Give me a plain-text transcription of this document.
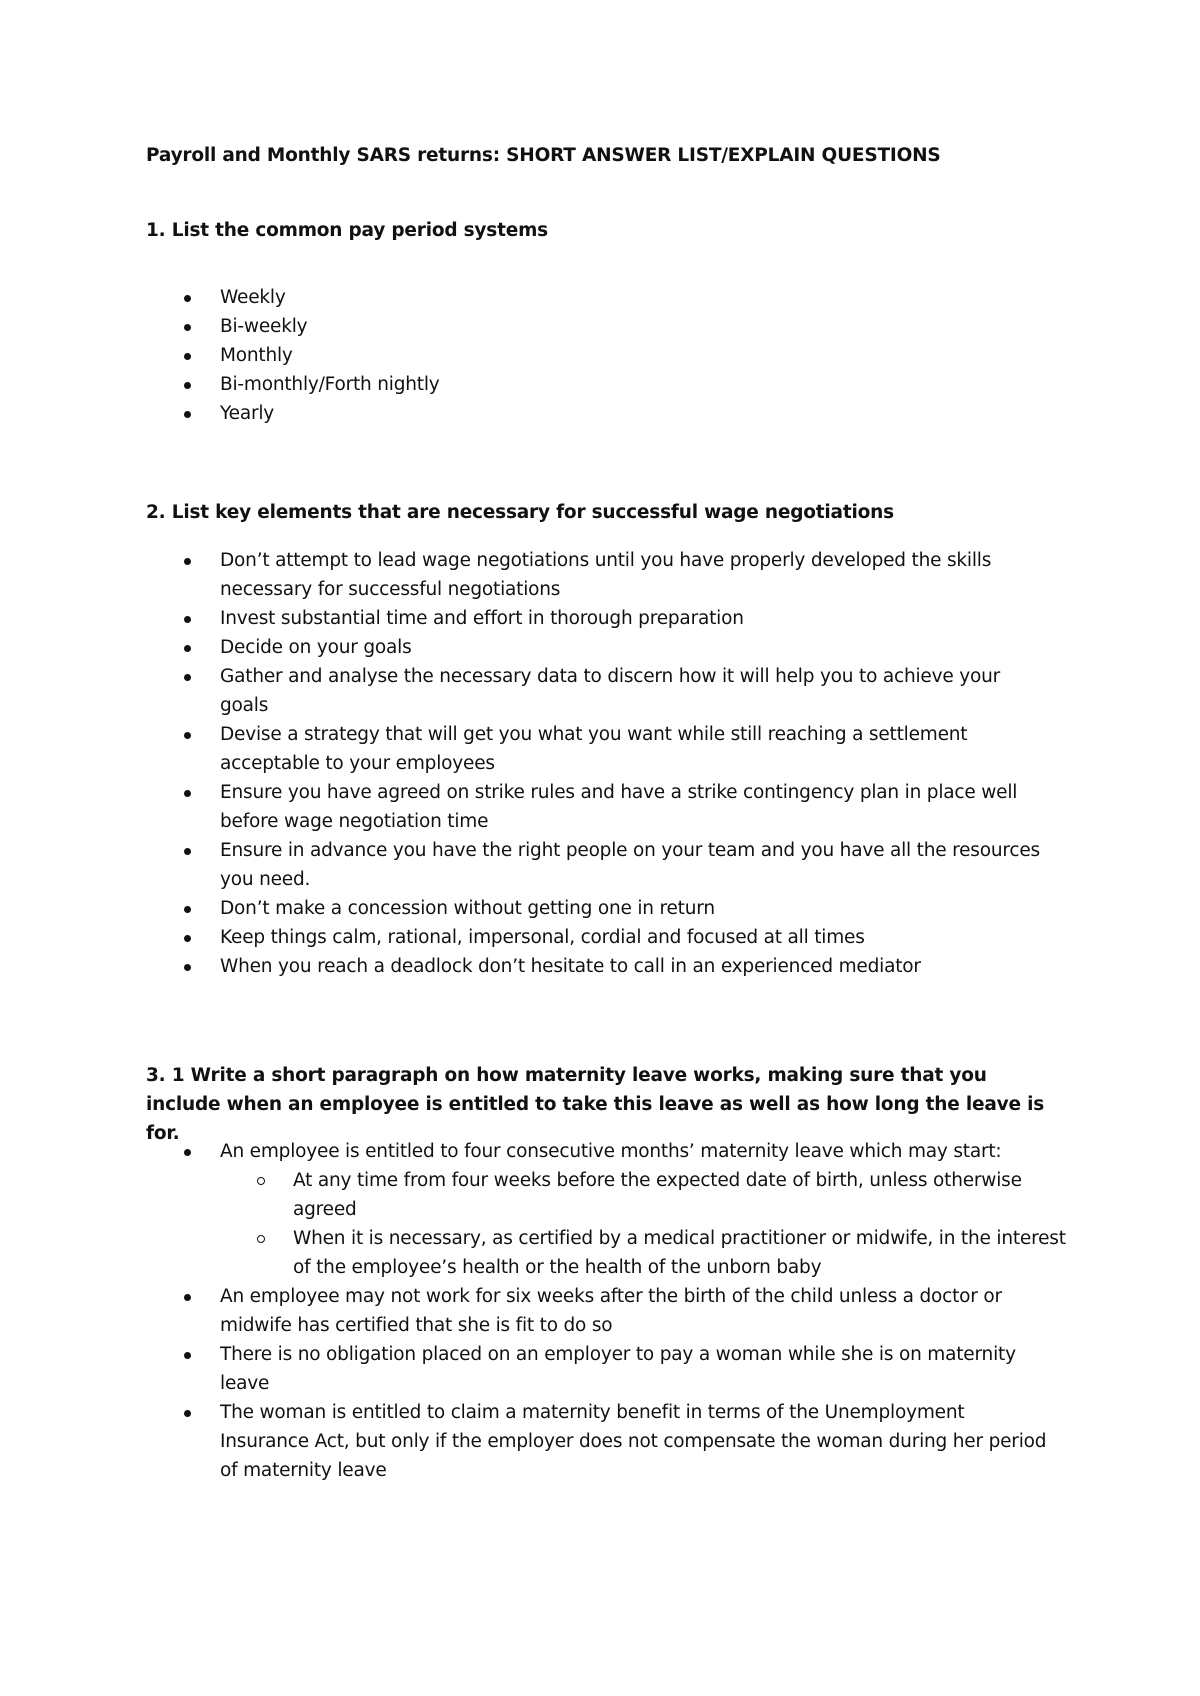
Payroll and Monthly SARS returns: SHORT ANSWER LIST/EXPLAIN QUESTIONS
1. List the common pay period systems
Weekly
Bi-weekly
Monthly
Bi-monthly/Forth nightly
Yearly
2. List key elements that are necessary for successful wage negotiations
Don’t attempt to lead wage negotiations until you have properly developed the skills necessary for successful negotiations
Invest substantial time and effort in thorough preparation
Decide on your goals
Gather and analyse the necessary data to discern how it will help you to achieve your goals
Devise a strategy that will get you what you want while still reaching a settlement acceptable to your employees
Ensure you have agreed on strike rules and have a strike contingency plan in place well before wage negotiation time
Ensure in advance you have the right people on your team and you have all the resources you need.
Don’t make a concession without getting one in return
Keep things calm, rational, impersonal, cordial and focused at all times
When you reach a deadlock don’t hesitate to call in an experienced mediator
3. 1 Write a short paragraph on how maternity leave works, making sure that you include when an employee is entitled to take this leave as well as how long the leave is for.
An employee is entitled to four consecutive months’ maternity leave which may start:
At any time from four weeks before the expected date of birth, unless otherwise agreed
When it is necessary, as certified by a medical practitioner or midwife, in the interest of the employee’s health or the health of the unborn baby
An employee may not work for six weeks after the birth of the child unless a doctor or midwife has certified that she is fit to do so
There is no obligation placed on an employer to pay a woman while she is on maternity leave
The woman is entitled to claim a maternity benefit in terms of the Unemployment Insurance Act, but only if the employer does not compensate the woman during her period of maternity leave
